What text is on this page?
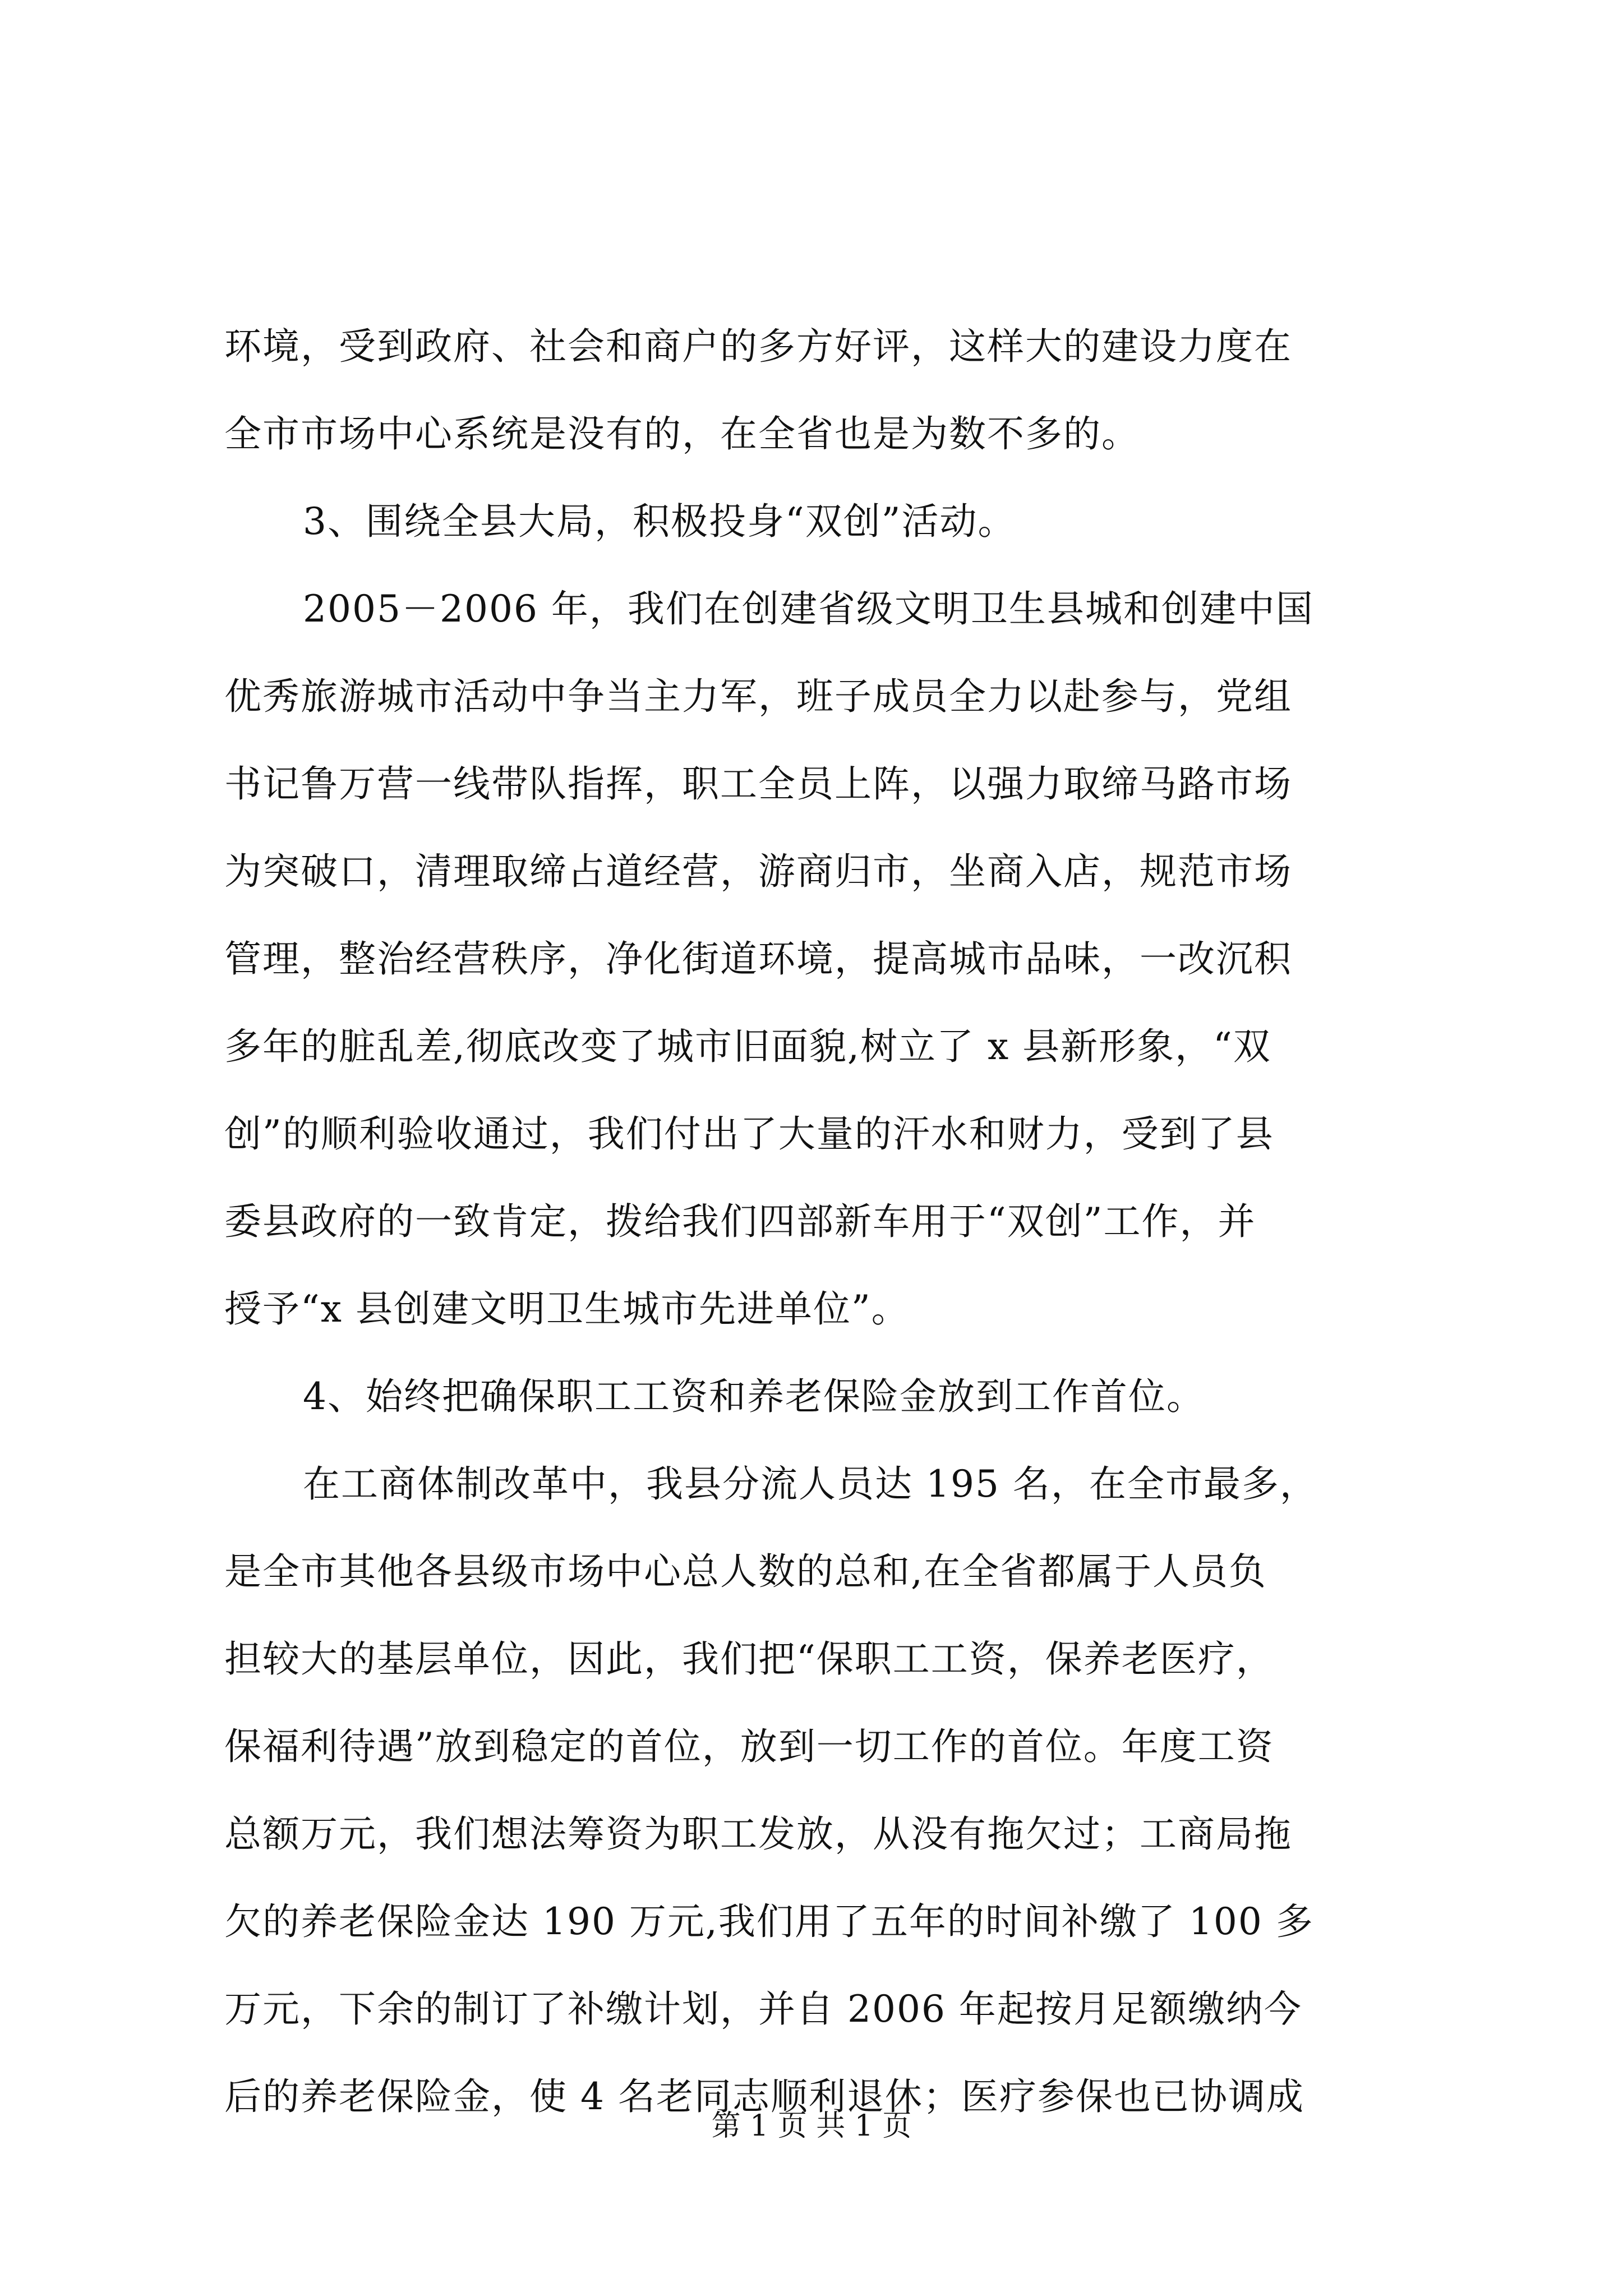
环境，受到政府、社会和商户的多方好评，这样大的建设力度在
全市市场中心系统是没有的，在全省也是为数不多的。
3、围绕全县大局，积极投身“双创”活动。
2005－2006 年，我们在创建省级文明卫生县城和创建中国
优秀旅游城市活动中争当主力军，班子成员全力以赴参与，党组
书记鲁万营一线带队指挥，职工全员上阵，以强力取缔马路市场
为突破口，清理取缔占道经营，游商归市，坐商入店，规范市场
管理，整治经营秩序，净化街道环境，提高城市品味，一改沉积
多年的脏乱差,彻底改变了城市旧面貌,树立了 x 县新形象，“双
创”的顺利验收通过，我们付出了大量的汗水和财力，受到了县
委县政府的一致肯定，拨给我们四部新车用于“双创”工作，并
授予“x 县创建文明卫生城市先进单位”。
4、始终把确保职工工资和养老保险金放到工作首位。
在工商体制改革中，我县分流人员达 195 名，在全市最多，
是全市其他各县级市场中心总人数的总和,在全省都属于人员负
担较大的基层单位，因此，我们把“保职工工资，保养老医疗，
保福利待遇”放到稳定的首位，放到一切工作的首位。年度工资
总额万元，我们想法筹资为职工发放，从没有拖欠过；工商局拖
欠的养老保险金达 190 万元,我们用了五年的时间补缴了 100 多
万元，下余的制订了补缴计划，并自 2006 年起按月足额缴纳今
后的养老保险金，使 4 名老同志顺利退休；医疗参保也已协调成
第 1 页 共 1 页
